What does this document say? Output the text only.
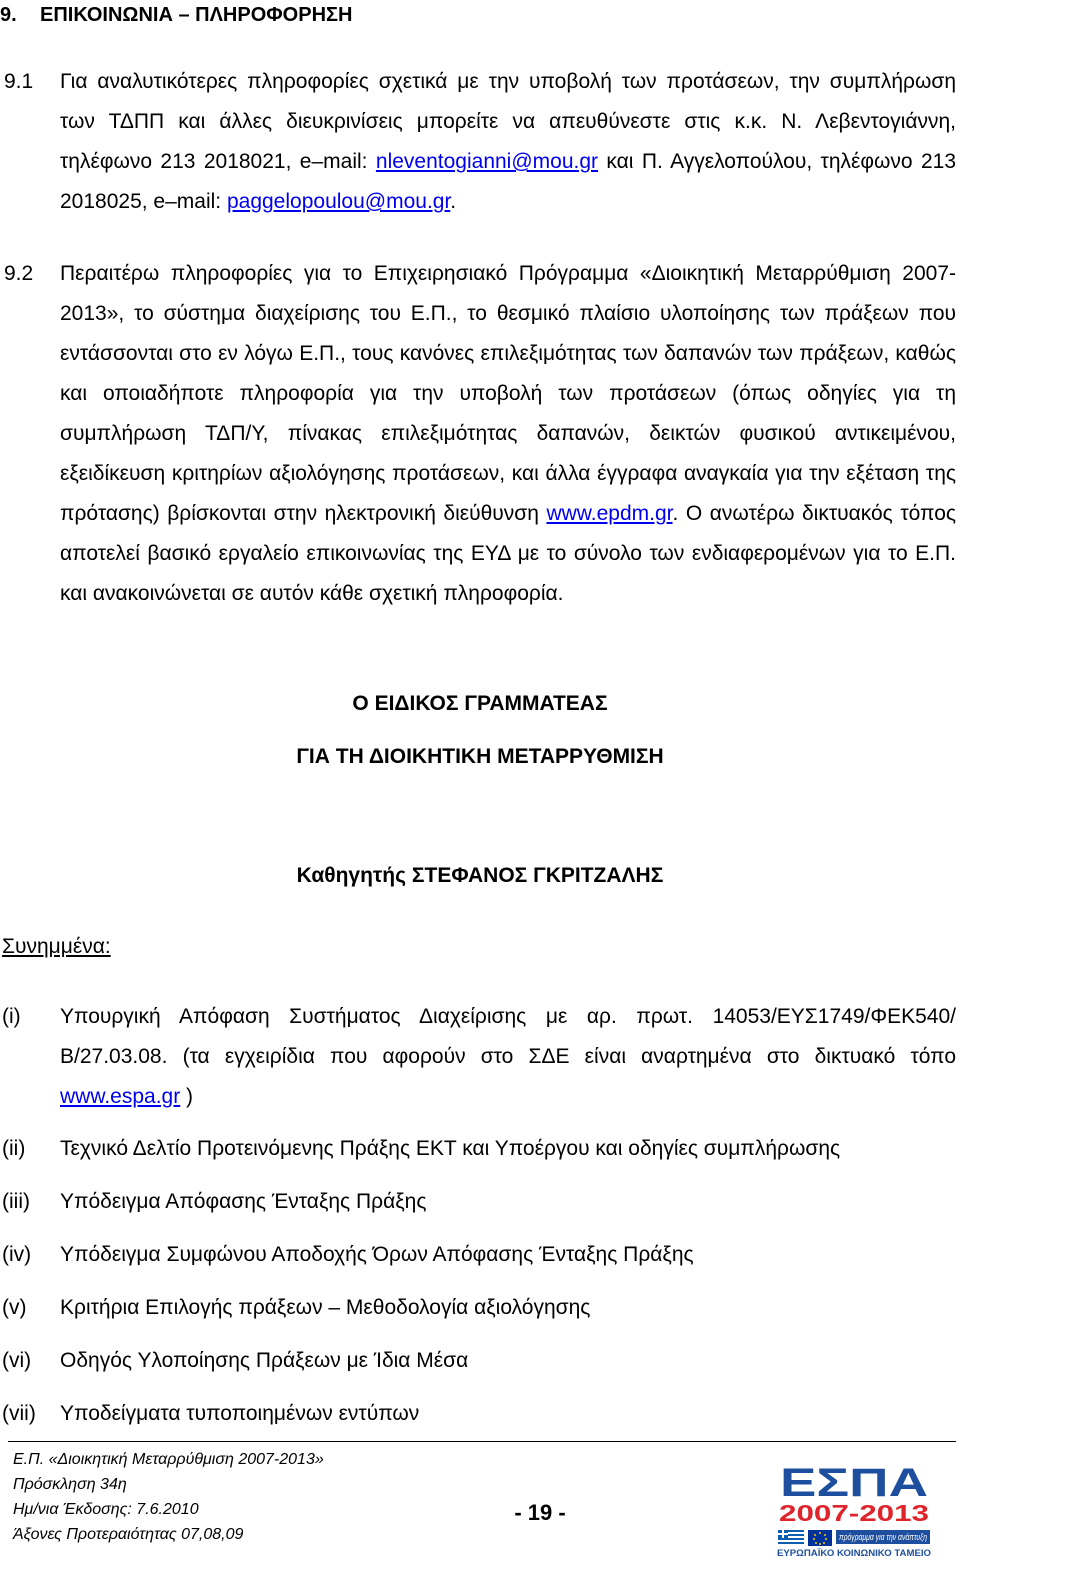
9. ΕΠΙΚΟΙΝΩΝΙΑ – ΠΛΗΡΟΦΟΡΗΣΗ
9.1 Για αναλυτικότερες πληροφορίες σχετικά με την υποβολή των προτάσεων, την συμπλήρωση των ΤΔΠΠ και άλλες διευκρινίσεις μπορείτε να απευθύνεστε στις κ.κ. Ν. Λεβεντογιάννη, τηλέφωνο 213 2018021, e–mail: nleventogianni@mou.gr και Π. Αγγελοπούλου, τηλέφωνο 213 2018025, e–mail: paggelopoulou@mou.gr.
9.2 Περαιτέρω πληροφορίες για το Επιχειρησιακό Πρόγραμμα «Διοικητική Μεταρρύθμιση 2007-2013», το σύστημα διαχείρισης του Ε.Π., το θεσμικό πλαίσιο υλοποίησης των πράξεων που εντάσσονται στο εν λόγω Ε.Π., τους κανόνες επιλεξιμότητας των δαπανών των πράξεων, καθώς και οποιαδήποτε πληροφορία για την υποβολή των προτάσεων (όπως οδηγίες για τη συμπλήρωση ΤΔΠ/Υ, πίνακας επιλεξιμότητας δαπανών, δεικτών φυσικού αντικειμένου, εξειδίκευση κριτηρίων αξιολόγησης προτάσεων, και άλλα έγγραφα αναγκαία για την εξέταση της πρότασης) βρίσκονται στην ηλεκτρονική διεύθυνση www.epdm.gr. Ο ανωτέρω δικτυακός τόπος αποτελεί βασικό εργαλείο επικοινωνίας της ΕΥΔ με το σύνολο των ενδιαφερομένων για το Ε.Π. και ανακοινώνεται σε αυτόν κάθε σχετική πληροφορία.
Ο ΕΙΔΙΚΟΣ ΓΡΑΜΜΑΤΕΑΣ
ΓΙΑ ΤΗ ΔΙΟΙΚΗΤΙΚΗ ΜΕΤΑΡΡΥΘΜΙΣΗ
Καθηγητής ΣΤΕΦΑΝΟΣ ΓΚΡΙΤΖΑΛΗΣ
Συνημμένα:
(i) Υπουργική Απόφαση Συστήματος Διαχείρισης με αρ. πρωτ. 14053/ΕΥΣ1749/ΦΕΚ540/Β/27.03.08. (τα εγχειρίδια που αφορούν στο ΣΔΕ είναι αναρτημένα στο δικτυακό τόπο www.espa.gr )
(ii) Τεχνικό Δελτίο Προτεινόμενης Πράξης ΕΚΤ και Υποέργου και οδηγίες συμπλήρωσης
(iii) Υπόδειγμα Απόφασης Ένταξης Πράξης
(iv) Υπόδειγμα Συμφώνου Αποδοχής Όρων Απόφασης Ένταξης Πράξης
(v) Κριτήρια Επιλογής πράξεων – Μεθοδολογία αξιολόγησης
(vi) Οδηγός Υλοποίησης Πράξεων με Ίδια Μέσα
(vii) Υποδείγματα τυποποιημένων εντύπων
Ε.Π. «Διοικητική Μεταρρύθμιση 2007-2013»
Πρόσκληση 34η
Ημ/νια Έκδοσης: 7.6.2010
Άξονες Προτεραιότητας 07,08,09
- 19 -
ΕΣΠΑ
2007-2013
πρόγραμμα για την ανάπτυξη
ΕΥΡΩΠΑΪΚΟ ΚΟΙΝΩΝΙΚΟ ΤΑΜΕΙΟ
